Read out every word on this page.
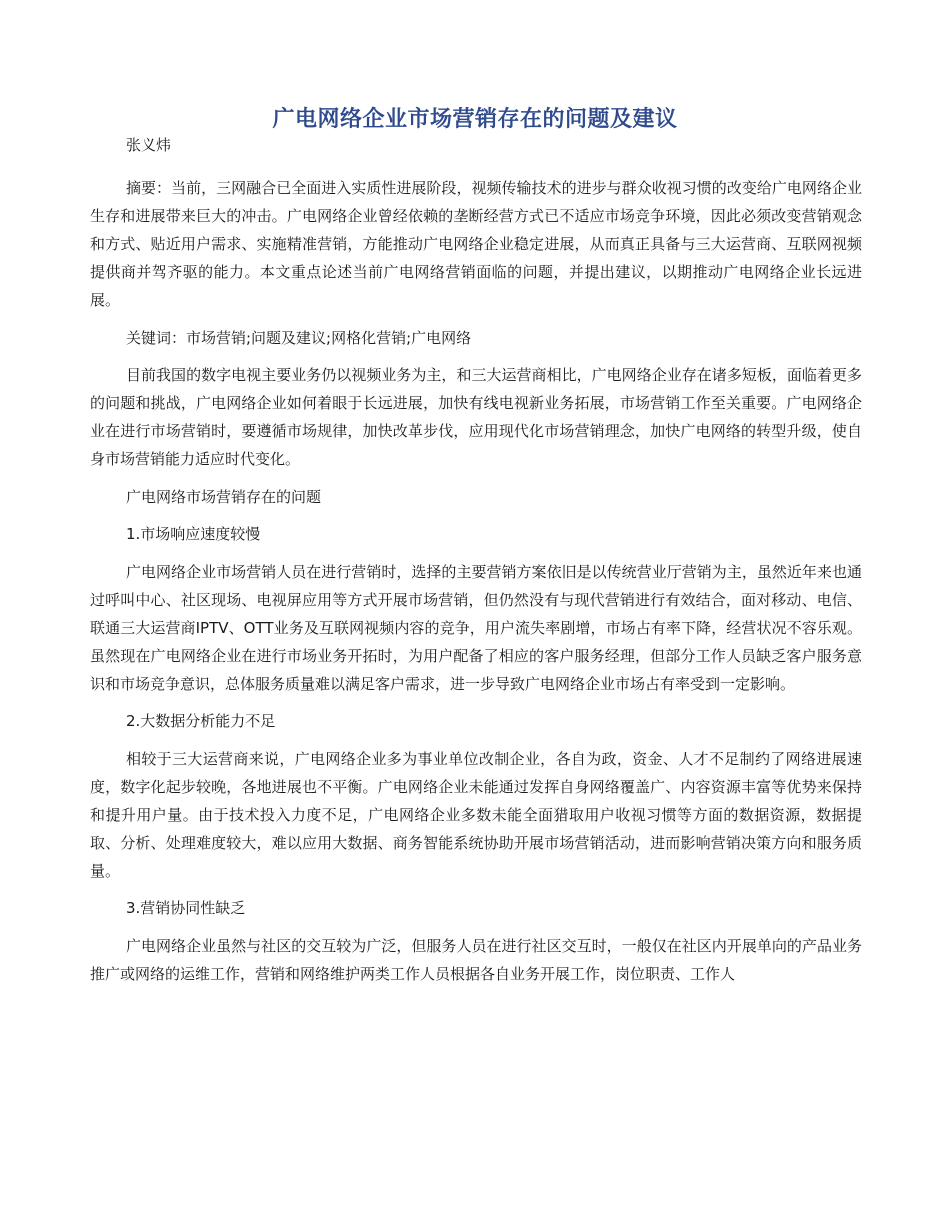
广电网络企业市场营销存在的问题及建议
张义炜

摘要：当前，三网融合已全面进入实质性进展阶段，视频传输技术的进步与群众收视习惯的改变给广电网络企业生存和进展带来巨大的冲击。广电网络企业曾经依赖的垄断经营方式已不适应市场竞争环境，因此必须改变营销观念和方式、贴近用户需求、实施精准营销，方能推动广电网络企业稳定进展，从而真正具备与三大运营商、互联网视频提供商并驾齐驱的能力。本文重点论述当前广电网络营销面临的问题，并提出建议，以期推动广电网络企业长远进展。

关键词：市场营销;问题及建议;网格化营销;广电网络

目前我国的数字电视主要业务仍以视频业务为主，和三大运营商相比，广电网络企业存在诸多短板，面临着更多的问题和挑战，广电网络企业如何着眼于长远进展，加快有线电视新业务拓展，市场营销工作至关重要。广电网络企业在进行市场营销时，要遵循市场规律，加快改革步伐，应用现代化市场营销理念，加快广电网络的转型升级，使自身市场营销能力适应时代变化。

广电网络市场营销存在的问题

1.市场响应速度较慢

广电网络企业市场营销人员在进行营销时，选择的主要营销方案依旧是以传统营业厅营销为主，虽然近年来也通过呼叫中心、社区现场、电视屏应用等方式开展市场营销，但仍然没有与现代营销进行有效结合，面对移动、电信、联通三大运营商IPTV、OTT业务及互联网视频内容的竞争，用户流失率剧增，市场占有率下降，经营状况不容乐观。虽然现在广电网络企业在进行市场业务开拓时，为用户配备了相应的客户服务经理，但部分工作人员缺乏客户服务意识和市场竞争意识，总体服务质量难以满足客户需求，进一步导致广电网络企业市场占有率受到一定影响。

2.大数据分析能力不足

相较于三大运营商来说，广电网络企业多为事业单位改制企业，各自为政，资金、人才不足制约了网络进展速度，数字化起步较晚，各地进展也不平衡。广电网络企业未能通过发挥自身网络覆盖广、内容资源丰富等优势来保持和提升用户量。由于技术投入力度不足，广电网络企业多数未能全面猎取用户收视习惯等方面的数据资源，数据提取、分析、处理难度较大，难以应用大数据、商务智能系统协助开展市场营销活动，进而影响营销决策方向和服务质量。

3.营销协同性缺乏

广电网络企业虽然与社区的交互较为广泛，但服务人员在进行社区交互时，一般仅在社区内开展单向的产品业务推广或网络的运维工作，营销和网络维护两类工作人员根据各自业务开展工作，岗位职责、工作人
